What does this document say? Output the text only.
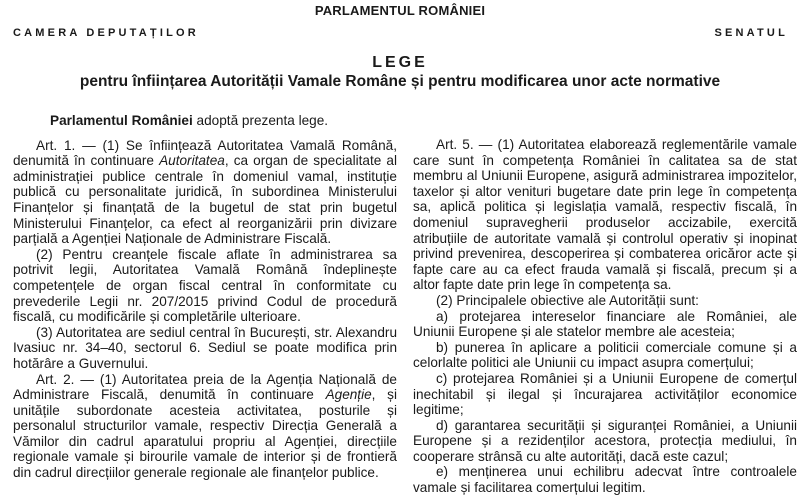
PARLAMENTUL ROMÂNIEI
CAMERA DEPUTAȚILOR	SENATUL
LEGE
pentru înființarea Autorității Vamale Române și pentru modificarea unor acte normative

Parlamentul României adoptă prezenta lege.

Art. 1. — (1) Se înființează Autoritatea Vamală Română, denumită în continuare Autoritatea, ca organ de specialitate al administrației publice centrale în domeniul vamal, instituție publică cu personalitate juridică, în subordinea Ministerului Finanțelor și finanțată de la bugetul de stat prin bugetul Ministerului Finanțelor, ca efect al reorganizării prin divizare parțială a Agenției Naționale de Administrare Fiscală.

(2) Pentru creanțele fiscale aflate în administrarea sa potrivit legii, Autoritatea Vamală Română îndeplinește competențele de organ fiscal central în conformitate cu prevederile Legii nr. 207/2015 privind Codul de procedură fiscală, cu modificările și completările ulterioare.

(3) Autoritatea are sediul central în București, str. Alexandru Ivasiuc nr. 34–40, sectorul 6. Sediul se poate modifica prin hotărâre a Guvernului.

Art. 2. — (1) Autoritatea preia de la Agenția Națională de Administrare Fiscală, denumită în continuare Agenție, și unitățile subordonate acesteia activitatea, posturile și personalul structurilor vamale, respectiv Direcția Generală a Vămilor din cadrul aparatului propriu al Agenției, direcțiile regionale vamale și birourile vamale de interior și de frontieră din cadrul direcțiilor generale regionale ale finanțelor publice.

Art. 5. — (1) Autoritatea elaborează reglementările vamale care sunt în competența României în calitatea sa de stat membru al Uniunii Europene, asigură administrarea impozitelor, taxelor și altor venituri bugetare date prin lege în competența sa, aplică politica și legislația vamală, respectiv fiscală, în domeniul supravegherii produselor accizabile, exercită atribuțiile de autoritate vamală și controlul operativ și inopinat privind prevenirea, descoperirea și combaterea oricăror acte și fapte care au ca efect frauda vamală și fiscală, precum și a altor fapte date prin lege în competența sa.

(2) Principalele obiective ale Autorității sunt:

a) protejarea intereselor financiare ale României, ale Uniunii Europene și ale statelor membre ale acesteia;

b) punerea în aplicare a politicii comerciale comune și a celorlalte politici ale Uniunii cu impact asupra comerțului;

c) protejarea României și a Uniunii Europene de comerțul inechitabil și ilegal și încurajarea activităților economice legitime;

d) garantarea securității și siguranței României, a Uniunii Europene și a rezidenților acestora, protecția mediului, în cooperare strânsă cu alte autorități, dacă este cazul;

e) menținerea unui echilibru adecvat între controalele vamale și facilitarea comerțului legitim.
